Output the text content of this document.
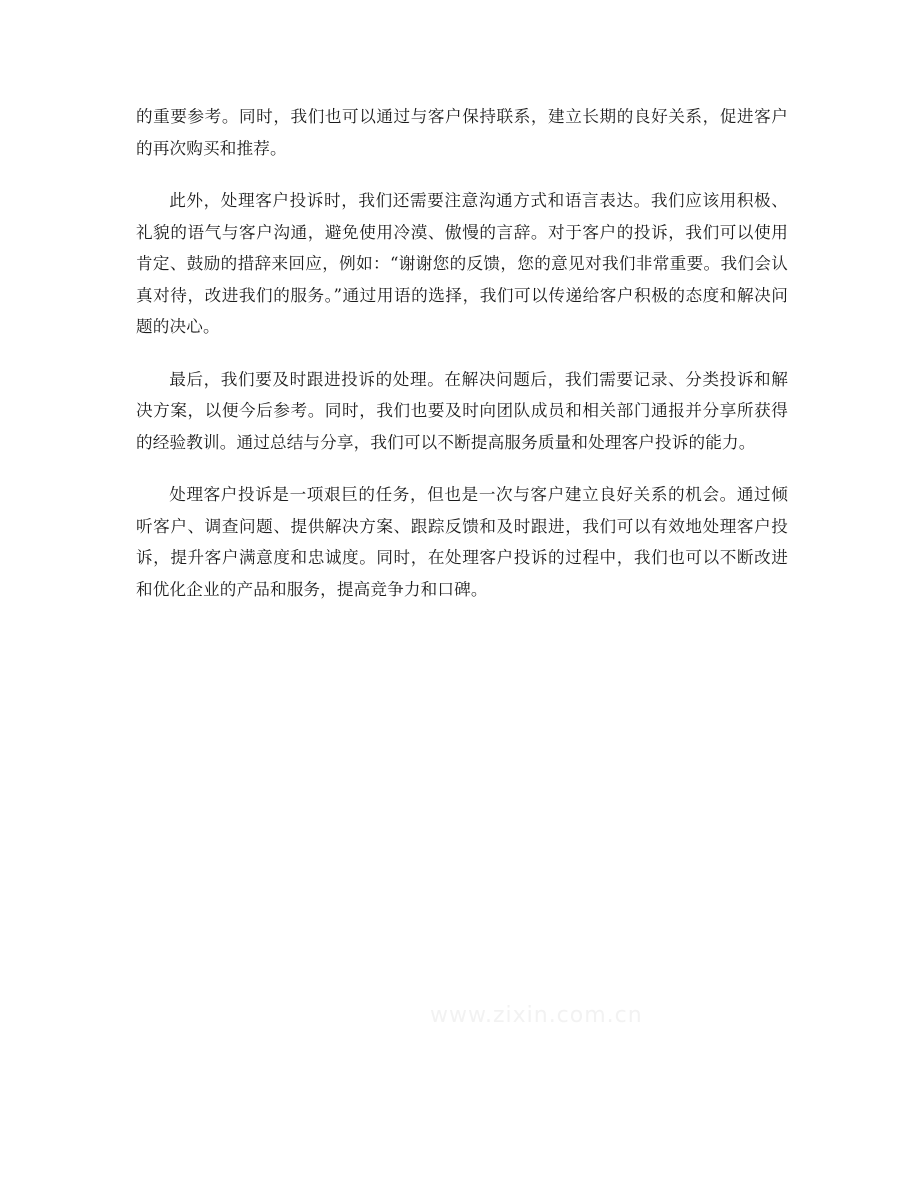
的重要参考。同时，我们也可以通过与客户保持联系，建立长期的良好关系，促进客户的再次购买和推荐。

此外，处理客户投诉时，我们还需要注意沟通方式和语言表达。我们应该用积极、礼貌的语气与客户沟通，避免使用冷漠、傲慢的言辞。对于客户的投诉，我们可以使用肯定、鼓励的措辞来回应，例如：“谢谢您的反馈，您的意见对我们非常重要。我们会认真对待，改进我们的服务。”通过用语的选择，我们可以传递给客户积极的态度和解决问题的决心。

最后，我们要及时跟进投诉的处理。在解决问题后，我们需要记录、分类投诉和解决方案，以便今后参考。同时，我们也要及时向团队成员和相关部门通报并分享所获得的经验教训。通过总结与分享，我们可以不断提高服务质量和处理客户投诉的能力。

处理客户投诉是一项艰巨的任务，但也是一次与客户建立良好关系的机会。通过倾听客户、调查问题、提供解决方案、跟踪反馈和及时跟进，我们可以有效地处理客户投诉，提升客户满意度和忠诚度。同时，在处理客户投诉的过程中，我们也可以不断改进和优化企业的产品和服务，提高竞争力和口碑。

www.zixin.com.cn
